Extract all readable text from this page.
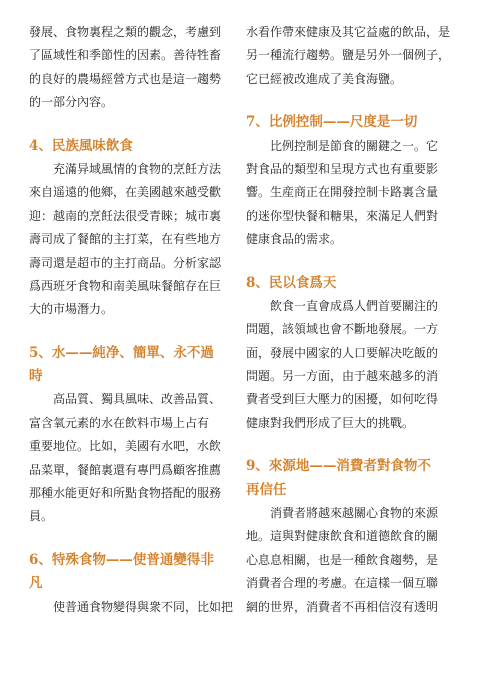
發展、食物裏程之類的觀念，考慮到
了區域性和季節性的因素。善待牲畜
的良好的農場經營方式也是這一趨勢
的一部分內容。
4、民族風味飲食
充滿异域風情的食物的烹飪方法
來自遥遠的他鄉，在美國越來越受歡
迎：越南的烹飪法很受青睞；城市裏
壽司成了餐館的主打菜，在有些地方
壽司還是超市的主打商品。分析家認
爲西班牙食物和南美風味餐館存在巨
大的市場潛力。
5、水——純净、簡單、永不過
時
高品質、獨具風味、改善品質、
富含氧元素的水在飲料市場上占有
重要地位。比如，美國有水吧，水飲
品菜單，餐館裏還有專門爲顧客推薦
那種水能更好和所點食物搭配的服務
員。
6、特殊食物——使普通變得非
凡
使普通食物變得與衆不同，比如把
水看作帶來健康及其它益處的飲品，是
另一種流行趨勢。鹽是另外一個例子，
它已經被改進成了美食海鹽。
7、比例控制——尺度是一切
比例控制是節食的關鍵之一。它
對食品的類型和呈現方式也有重要影
響。生産商正在開發控制卡路裏含量
的迷你型快餐和糖果，來滿足人們對
健康食品的需求。
8、民以食爲天
飲食一直會成爲人們首要關注的
問題，該領域也會不斷地發展。一方
面，發展中國家的人口要解决吃飯的
問題。另一方面，由于越來越多的消
費者受到巨大壓力的困擾，如何吃得
健康對我們形成了巨大的挑戰。
9、來源地——消費者對食物不
再信任
消費者將越來越關心食物的來源
地。這與對健康飲食和道德飲食的關
心息息相關，也是一種飲食趨勢，是
消費者合理的考慮。在這樣一個互聯
網的世界，消費者不再相信沒有透明
